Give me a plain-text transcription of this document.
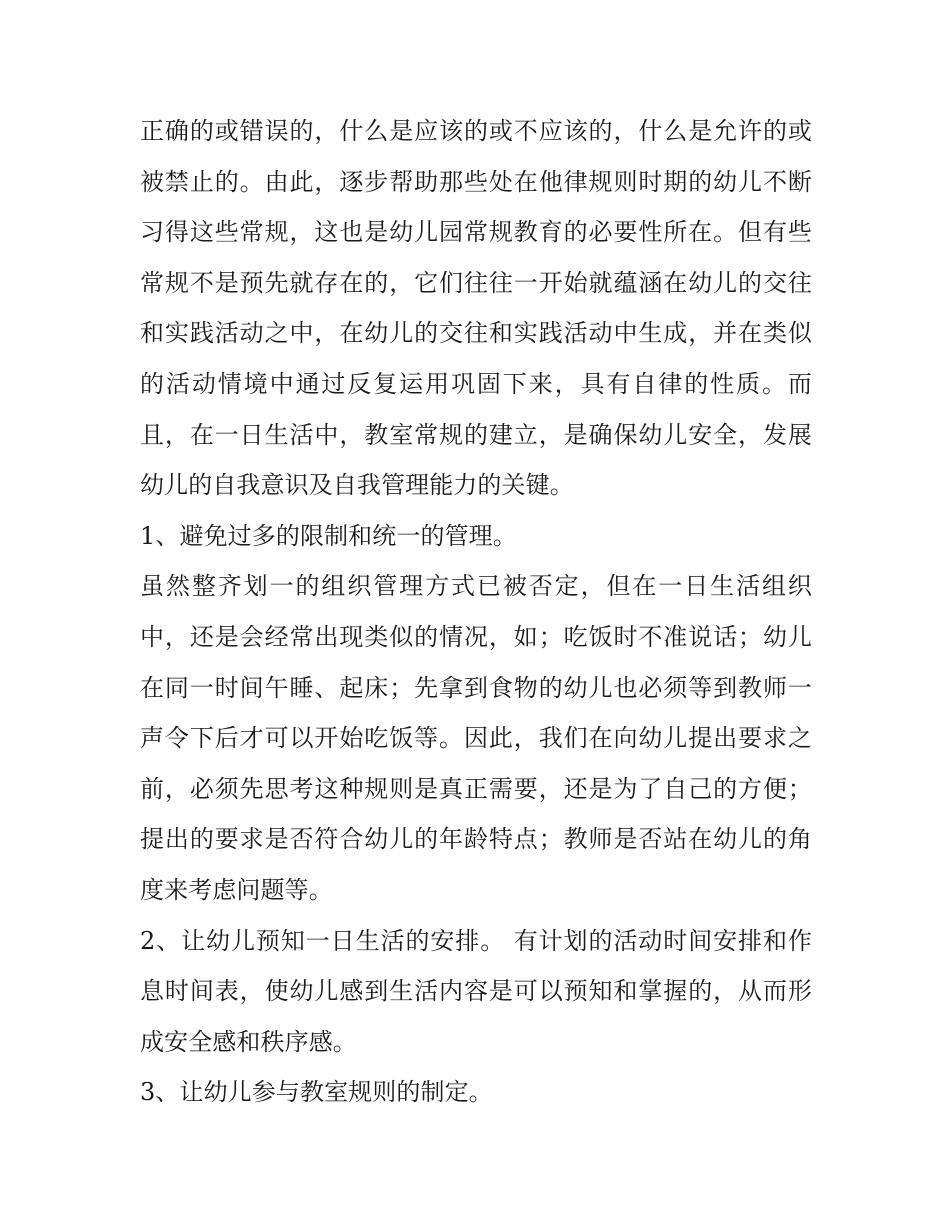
正确的或错误的，什么是应该的或不应该的，什么是允许的或被禁止的。由此，逐步帮助那些处在他律规则时期的幼儿不断习得这些常规，这也是幼儿园常规教育的必要性所在。但有些常规不是预先就存在的，它们往往一开始就蕴涵在幼儿的交往和实践活动之中，在幼儿的交往和实践活动中生成，并在类似的活动情境中通过反复运用巩固下来，具有自律的性质。而且，在一日生活中，教室常规的建立，是确保幼儿安全，发展幼儿的自我意识及自我管理能力的关键。

1、避免过多的限制和统一的管理。

虽然整齐划一的组织管理方式已被否定，但在一日生活组织中，还是会经常出现类似的情况，如；吃饭时不准说话；幼儿在同一时间午睡、起床；先拿到食物的幼儿也必须等到教师一声令下后才可以开始吃饭等。因此，我们在向幼儿提出要求之前，必须先思考这种规则是真正需要，还是为了自己的方便；提出的要求是否符合幼儿的年龄特点；教师是否站在幼儿的角度来考虑问题等。

2、让幼儿预知一日生活的安排。 有计划的活动时间安排和作息时间表，使幼儿感到生活内容是可以预知和掌握的，从而形成安全感和秩序感。

3、让幼儿参与教室规则的制定。
